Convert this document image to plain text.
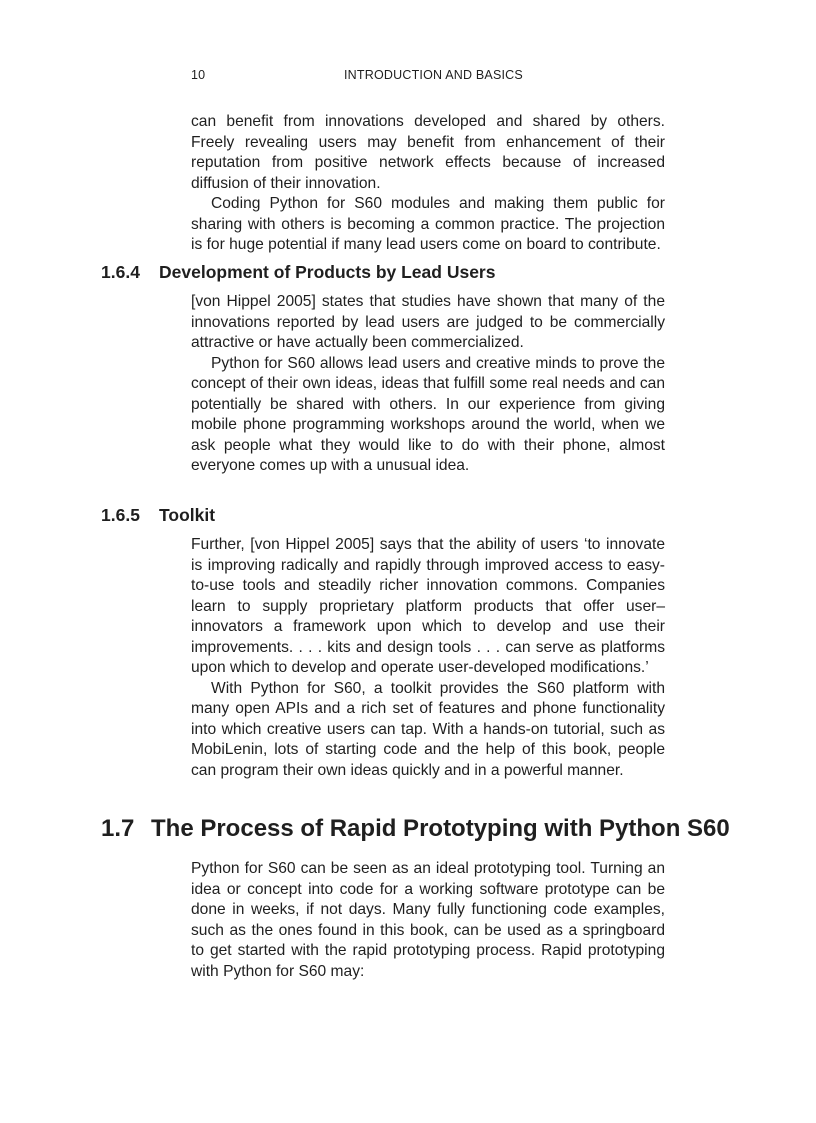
10	INTRODUCTION AND BASICS

can benefit from innovations developed and shared by others. Freely revealing users may benefit from enhancement of their reputation from positive network effects because of increased diffusion of their innovation.

Coding Python for S60 modules and making them public for sharing with others is becoming a common practice. The projection is for huge potential if many lead users come on board to contribute.

1.6.4 Development of Products by Lead Users

[von Hippel 2005] states that studies have shown that many of the innovations reported by lead users are judged to be commercially attractive or have actually been commercialized.

Python for S60 allows lead users and creative minds to prove the concept of their own ideas, ideas that fulfill some real needs and can potentially be shared with others. In our experience from giving mobile phone programming workshops around the world, when we ask people what they would like to do with their phone, almost everyone comes up with a unusual idea.

1.6.5 Toolkit

Further, [von Hippel 2005] says that the ability of users ‘to innovate is improving radically and rapidly through improved access to easy-to-use tools and steadily richer innovation commons. Companies learn to supply proprietary platform products that offer user–innovators a framework upon which to develop and use their improvements. . . . kits and design tools . . . can serve as platforms upon which to develop and operate user-developed modifications.’

With Python for S60, a toolkit provides the S60 platform with many open APIs and a rich set of features and phone functionality into which creative users can tap. With a hands-on tutorial, such as MobiLenin, lots of starting code and the help of this book, people can program their own ideas quickly and in a powerful manner.

1.7 The Process of Rapid Prototyping with Python S60

Python for S60 can be seen as an ideal prototyping tool. Turning an idea or concept into code for a working software prototype can be done in weeks, if not days. Many fully functioning code examples, such as the ones found in this book, can be used as a springboard to get started with the rapid prototyping process. Rapid prototyping with Python for S60 may:
